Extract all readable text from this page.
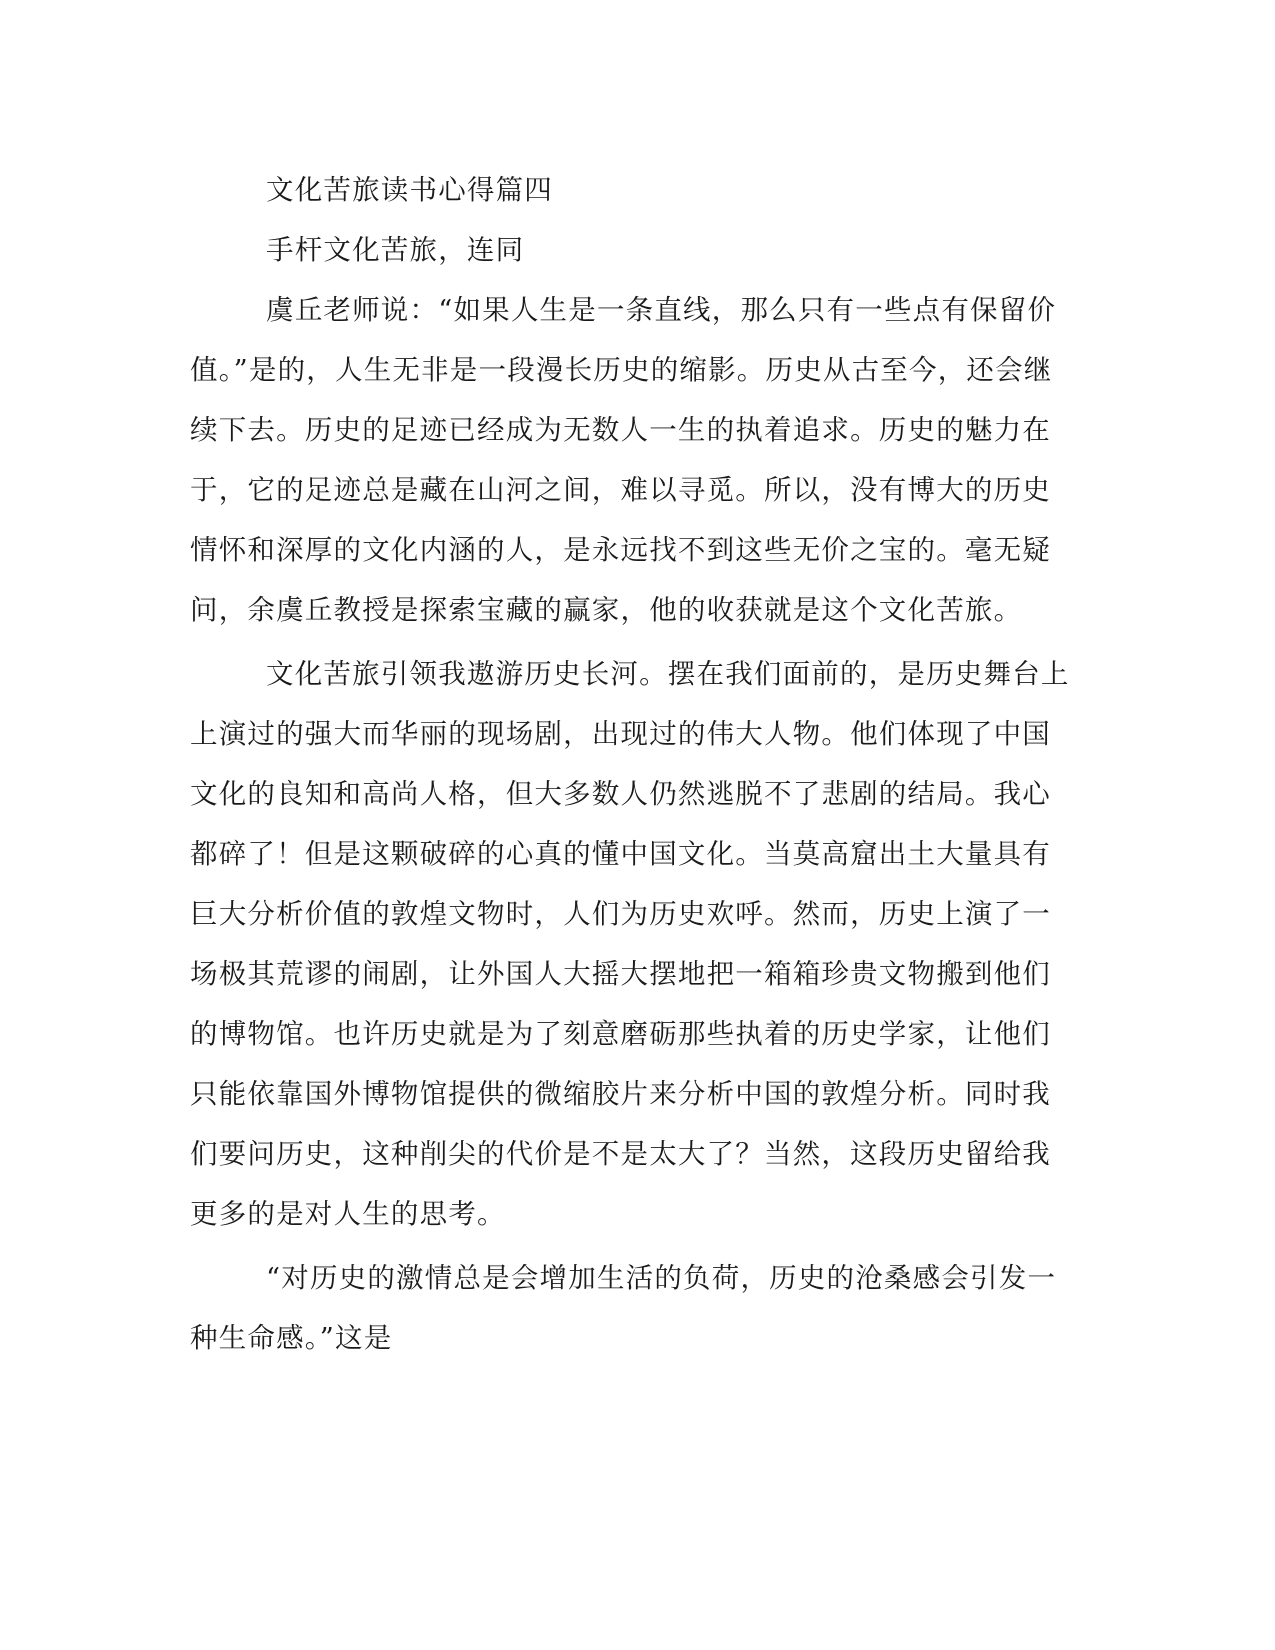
文化苦旅读书心得篇四
手杆文化苦旅，连同
虞丘老师说：“如果人生是一条直线，那么只有一些点有保留价
值。”是的，人生无非是一段漫长历史的缩影。历史从古至今，还会继
续下去。历史的足迹已经成为无数人一生的执着追求。历史的魅力在
于，它的足迹总是藏在山河之间，难以寻觅。所以，没有博大的历史
情怀和深厚的文化内涵的人，是永远找不到这些无价之宝的。毫无疑
问，余虞丘教授是探索宝藏的赢家，他的收获就是这个文化苦旅。
文化苦旅引领我遨游历史长河。摆在我们面前的，是历史舞台上
上演过的强大而华丽的现场剧，出现过的伟大人物。他们体现了中国
文化的良知和高尚人格，但大多数人仍然逃脱不了悲剧的结局。我心
都碎了！但是这颗破碎的心真的懂中国文化。当莫高窟出土大量具有
巨大分析价值的敦煌文物时，人们为历史欢呼。然而，历史上演了一
场极其荒谬的闹剧，让外国人大摇大摆地把一箱箱珍贵文物搬到他们
的博物馆。也许历史就是为了刻意磨砺那些执着的历史学家，让他们
只能依靠国外博物馆提供的微缩胶片来分析中国的敦煌分析。同时我
们要问历史，这种削尖的代价是不是太大了？当然，这段历史留给我
更多的是对人生的思考。
“对历史的激情总是会增加生活的负荷，历史的沧桑感会引发一
种生命感。”这是
